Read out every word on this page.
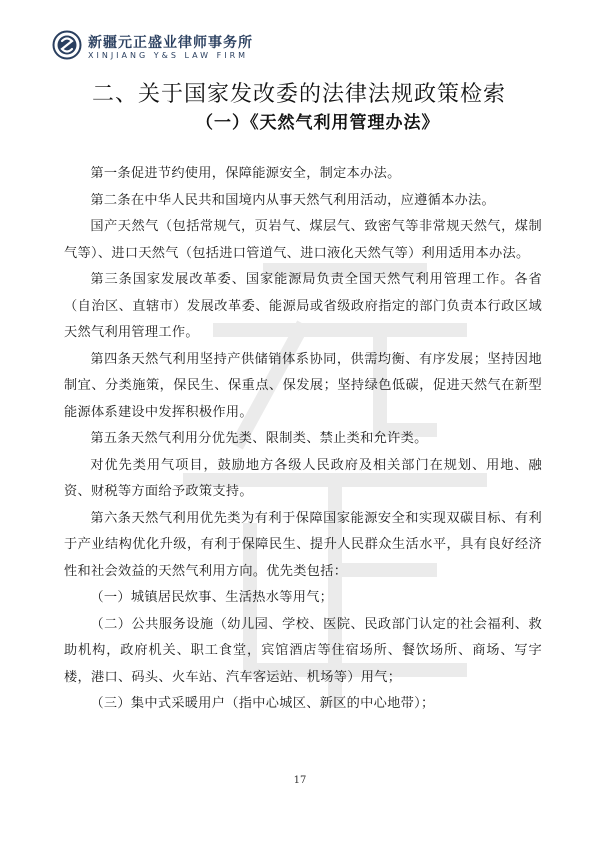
新疆元正盛业律师事务所
XINJIANG Y&S LAW FIRM
二、关于国家发改委的法律法规政策检索
（一）《天然气利用管理办法》

第一条促进节约使用，保障能源安全，制定本办法。

第二条在中华人民共和国境内从事天然气利用活动，应遵循本办法。

国产天然气（包括常规气，页岩气、煤层气、致密气等非常规天然气，煤制气等）、进口天然气（包括进口管道气、进口液化天然气等）利用适用本办法。

第三条国家发展改革委、国家能源局负责全国天然气利用管理工作。各省（自治区、直辖市）发展改革委、能源局或省级政府指定的部门负责本行政区域天然气利用管理工作。

第四条天然气利用坚持产供储销体系协同，供需均衡、有序发展；坚持因地制宜、分类施策，保民生、保重点、保发展；坚持绿色低碳，促进天然气在新型能源体系建设中发挥积极作用。

第五条天然气利用分优先类、限制类、禁止类和允许类。

对优先类用气项目，鼓励地方各级人民政府及相关部门在规划、用地、融资、财税等方面给予政策支持。

第六条天然气利用优先类为有利于保障国家能源安全和实现双碳目标、有利于产业结构优化升级，有利于保障民生、提升人民群众生活水平，具有良好经济性和社会效益的天然气利用方向。优先类包括：

（一）城镇居民炊事、生活热水等用气；

（二）公共服务设施（幼儿园、学校、医院、民政部门认定的社会福利、救助机构，政府机关、职工食堂，宾馆酒店等住宿场所、餐饮场所、商场、写字楼，港口、码头、火车站、汽车客运站、机场等）用气；

（三）集中式采暖用户（指中心城区、新区的中心地带）；

17
